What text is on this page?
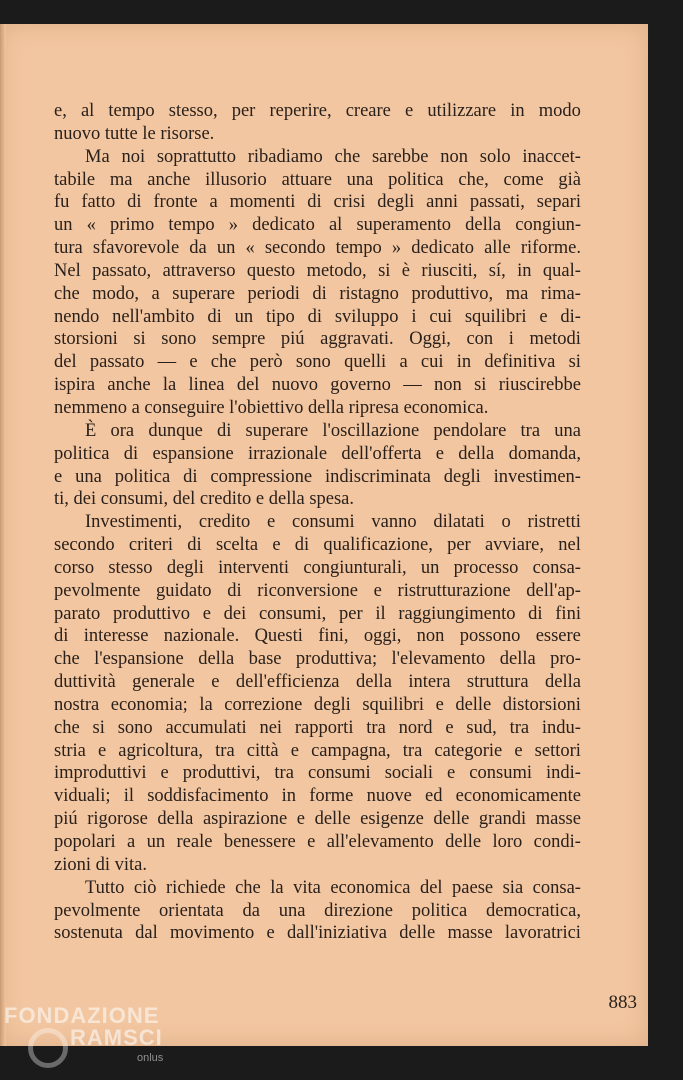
e, al tempo stesso, per reperire, creare e utilizzare in modo
nuovo tutte le risorse.
Ma noi soprattutto ribadiamo che sarebbe non solo inaccet-
tabile ma anche illusorio attuare una politica che, come già
fu fatto di fronte a momenti di crisi degli anni passati, separi
un « primo tempo » dedicato al superamento della congiun-
tura sfavorevole da un « secondo tempo » dedicato alle riforme.
Nel passato, attraverso questo metodo, si è riusciti, sí, in qual-
che modo, a superare periodi di ristagno produttivo, ma rima-
nendo nell'ambito di un tipo di sviluppo i cui squilibri e di-
storsioni si sono sempre piú aggravati. Oggi, con i metodi
del passato — e che però sono quelli a cui in definitiva si
ispira anche la linea del nuovo governo — non si riuscirebbe
nemmeno a conseguire l'obiettivo della ripresa economica.
È ora dunque di superare l'oscillazione pendolare tra una
politica di espansione irrazionale dell'offerta e della domanda,
e una politica di compressione indiscriminata degli investimen-
ti, dei consumi, del credito e della spesa.
Investimenti, credito e consumi vanno dilatati o ristretti
secondo criteri di scelta e di qualificazione, per avviare, nel
corso stesso degli interventi congiunturali, un processo consa-
pevolmente guidato di riconversione e ristrutturazione dell'ap-
parato produttivo e dei consumi, per il raggiungimento di fini
di interesse nazionale. Questi fini, oggi, non possono essere
che l'espansione della base produttiva; l'elevamento della pro-
duttività generale e dell'efficienza della intera struttura della
nostra economia; la correzione degli squilibri e delle distorsioni
che si sono accumulati nei rapporti tra nord e sud, tra indu-
stria e agricoltura, tra città e campagna, tra categorie e settori
improduttivi e produttivi, tra consumi sociali e consumi indi-
viduali; il soddisfacimento in forme nuove ed economicamente
piú rigorose della aspirazione e delle esigenze delle grandi masse
popolari a un reale benessere e all'elevamento delle loro condi-
zioni di vita.
Tutto ciò richiede che la vita economica del paese sia consa-
pevolmente orientata da una direzione politica democratica,
sostenuta dal movimento e dall'iniziativa delle masse lavoratrici
883
FONDAZIONE
RAMSCI
onlus
